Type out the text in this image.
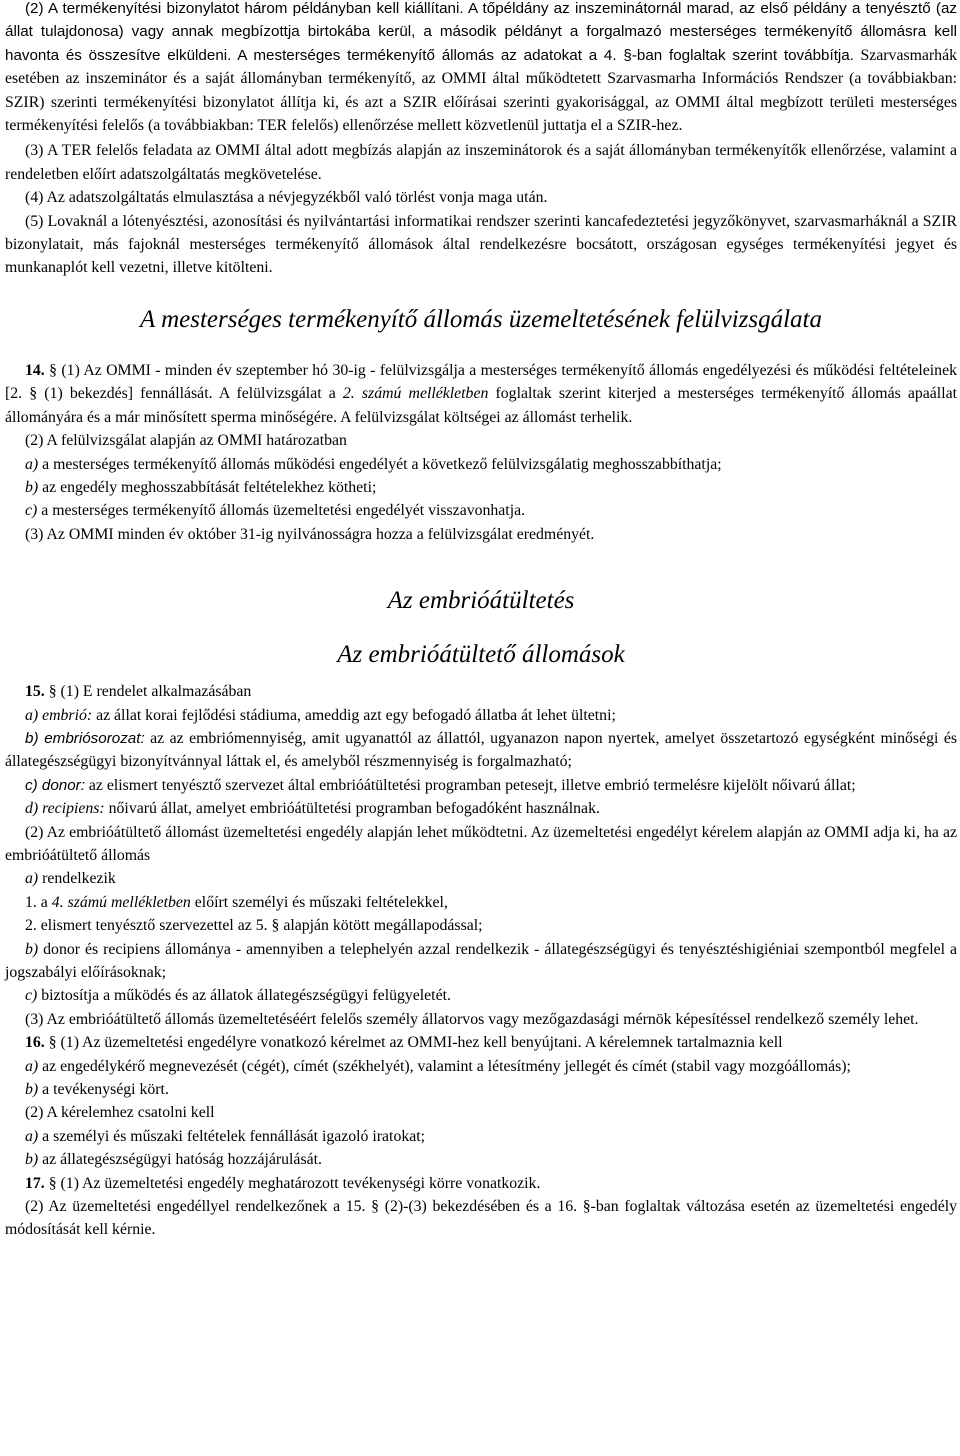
(2) A termékenyítési bizonylatot három példányban kell kiállítani. A tőpéldány az inszeminátornál marad, az első példány a tenyésztő (az állat tulajdonosa) vagy annak megbízottja birtokába kerül, a második példányt a forgalmazó mesterséges termékenyítő állomásra kell havonta és összesítve elküldeni. A mesterséges termékenyítő állomás az adatokat a 4. §-ban foglaltak szerint továbbítja. Szarvasmarhák esetében az inszeminátor és a saját állományban termékenyítő, az OMMI által működtetett Szarvasmarha Információs Rendszer (a továbbiakban: SZIR) szerinti termékenyítési bizonylatot állítja ki, és azt a SZIR előírásai szerinti gyakorisággal, az OMMI által megbízott területi mesterséges termékenyítési felelős (a továbbiakban: TER felelős) ellenőrzése mellett közvetlenül juttatja el a SZIR-hez.

(3) A TER felelős feladata az OMMI által adott megbízás alapján az inszeminátorok és a saját állományban termékenyítők ellenőrzése, valamint a rendeletben előírt adatszolgáltatás megkövetelése.

(4) Az adatszolgáltatás elmulasztása a névjegyzékből való törlést vonja maga után.

(5) Lovaknál a lótenyésztési, azonosítási és nyilvántartási informatikai rendszer szerinti kancafedeztetési jegyzőkönyvet, szarvasmarháknál a SZIR bizonylatait, más fajoknál mesterséges termékenyítő állomások által rendelkezésre bocsátott, országosan egységes termékenyítési jegyet és munkanaplót kell vezetni, illetve kitölteni.

A mesterséges termékenyítő állomás üzemeltetésének felülvizsgálata

14. § (1) Az OMMI - minden év szeptember hó 30-ig - felülvizsgálja a mesterséges termékenyítő állomás engedélyezési és működési feltételeinek [2. § (1) bekezdés] fennállását. A felülvizsgálat a 2. számú mellékletben foglaltak szerint kiterjed a mesterséges termékenyítő állomás apaállat állományára és a már minősített sperma minőségére. A felülvizsgálat költségei az állomást terhelik.

(2) A felülvizsgálat alapján az OMMI határozatban

a) a mesterséges termékenyítő állomás működési engedélyét a következő felülvizsgálatig meghosszabbíthatja;

b) az engedély meghosszabbítását feltételekhez kötheti;

c) a mesterséges termékenyítő állomás üzemeltetési engedélyét visszavonhatja.

(3) Az OMMI minden év október 31-ig nyilvánosságra hozza a felülvizsgálat eredményét.

Az embrióátültetés
Az embrióátültető állomások

15. § (1) E rendelet alkalmazásában

a) embrió: az állat korai fejlődési stádiuma, ameddig azt egy befogadó állatba át lehet ültetni;

b) embriósorozat: az az embriómennyiség, amit ugyanattól az állattól, ugyanazon napon nyertek, amelyet összetartozó egységként minőségi és állategészségügyi bizonyítvánnyal láttak el, és amelyből részmennyiség is forgalmazható;

c) donor: az elismert tenyésztő szervezet által embrióátültetési programban petesejt, illetve embrió termelésre kijelölt nőivarú állat;

d) recipiens: nőivarú állat, amelyet embrióátültetési programban befogadóként használnak.

(2) Az embrióátültető állomást üzemeltetési engedély alapján lehet működtetni. Az üzemeltetési engedélyt kérelem alapján az OMMI adja ki, ha az embrióátültető állomás

a) rendelkezik

1. a 4. számú mellékletben előírt személyi és műszaki feltételekkel,

2. elismert tenyésztő szervezettel az 5. § alapján kötött megállapodással;

b) donor és recipiens állománya - amennyiben a telephelyén azzal rendelkezik - állategészségügyi és tenyésztéshigiéniai szempontból megfelel a jogszabályi előírásoknak;

c) biztosítja a működés és az állatok állategészségügyi felügyeletét.

(3) Az embrióátültető állomás üzemeltetéséért felelős személy állatorvos vagy mezőgazdasági mérnök képesítéssel rendelkező személy lehet.

16. § (1) Az üzemeltetési engedélyre vonatkozó kérelmet az OMMI-hez kell benyújtani. A kérelemnek tartalmaznia kell

a) az engedélykérő megnevezését (cégét), címét (székhelyét), valamint a létesítmény jellegét és címét (stabil vagy mozgóállomás);

b) a tevékenységi kört.

(2) A kérelemhez csatolni kell

a) a személyi és műszaki feltételek fennállását igazoló iratokat;

b) az állategészségügyi hatóság hozzájárulását.

17. § (1) Az üzemeltetési engedély meghatározott tevékenységi körre vonatkozik.

(2) Az üzemeltetési engedéllyel rendelkezőnek a 15. § (2)-(3) bekezdésében és a 16. §-ban foglaltak változása esetén az üzemeltetési engedély módosítását kell kérnie.
